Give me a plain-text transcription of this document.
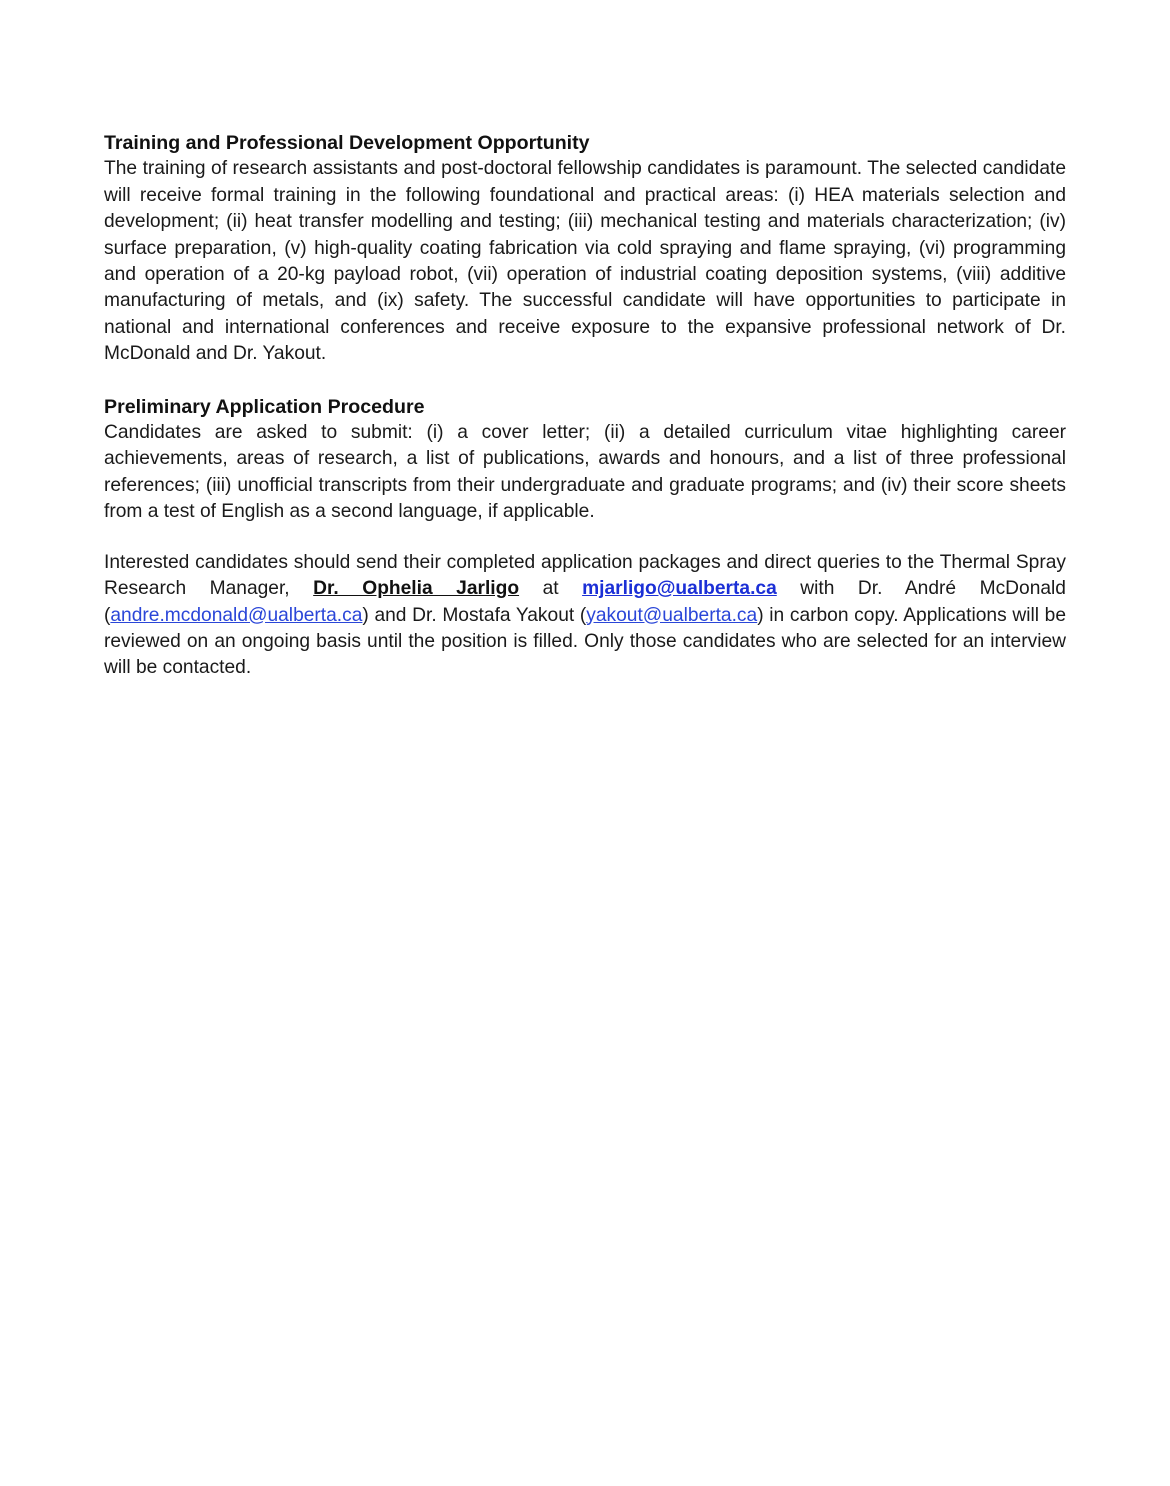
Training and Professional Development Opportunity

The training of research assistants and post-doctoral fellowship candidates is paramount. The selected candidate will receive formal training in the following foundational and practical areas: (i) HEA materials selection and development; (ii) heat transfer modelling and testing; (iii) mechanical testing and materials characterization; (iv) surface preparation, (v) high-quality coating fabrication via cold spraying and flame spraying, (vi) programming and operation of a 20-kg payload robot, (vii) operation of industrial coating deposition systems, (viii) additive manufacturing of metals, and (ix) safety. The successful candidate will have opportunities to participate in national and international conferences and receive exposure to the expansive professional network of Dr. McDonald and Dr. Yakout.

Preliminary Application Procedure

Candidates are asked to submit: (i) a cover letter; (ii) a detailed curriculum vitae highlighting career achievements, areas of research, a list of publications, awards and honours, and a list of three professional references; (iii) unofficial transcripts from their undergraduate and graduate programs; and (iv) their score sheets from a test of English as a second language, if applicable.

Interested candidates should send their completed application packages and direct queries to the Thermal Spray Research Manager, Dr. Ophelia Jarligo at mjarligo@ualberta.ca with Dr. André McDonald (andre.mcdonald@ualberta.ca) and Dr. Mostafa Yakout (yakout@ualberta.ca) in carbon copy. Applications will be reviewed on an ongoing basis until the position is filled. Only those candidates who are selected for an interview will be contacted.
